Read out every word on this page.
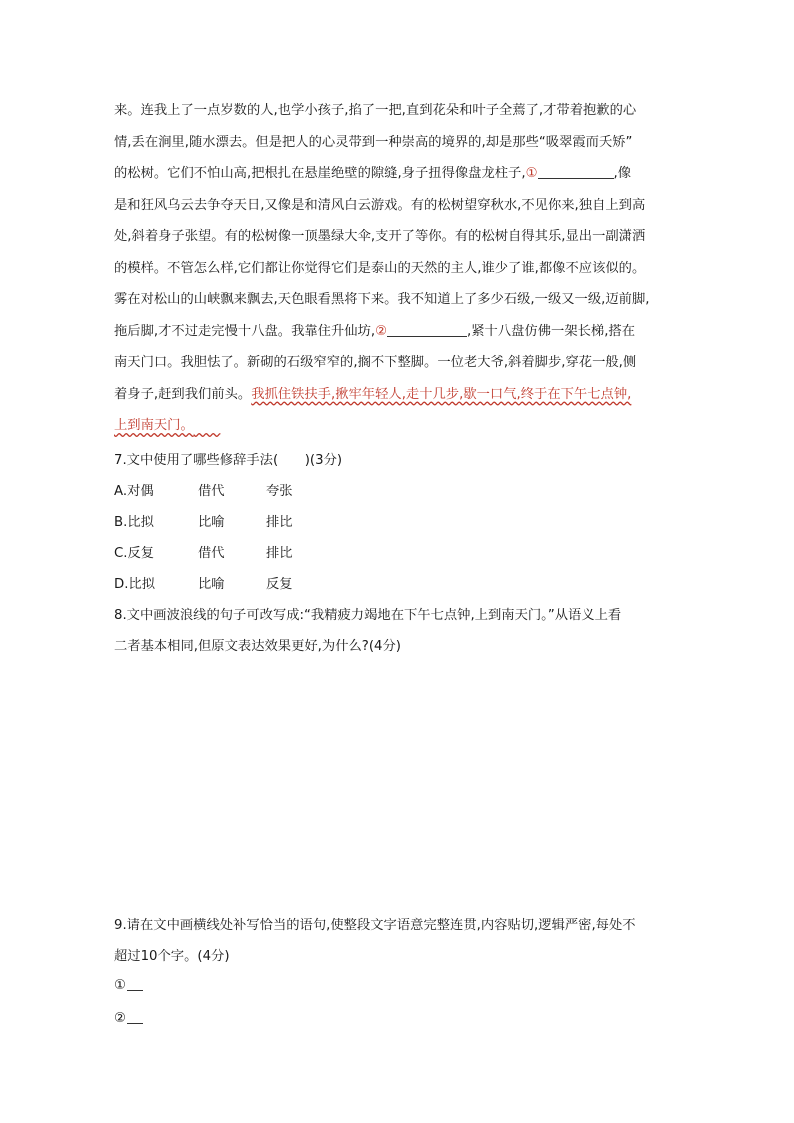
来。连我上了一点岁数的人,也学小孩子,掐了一把,直到花朵和叶子全蔫了,才带着抱歉的心

情,丢在涧里,随水漂去。但是把人的心灵带到一种崇高的境界的,却是那些“吸翠霞而夭矫”

的松树。它们不怕山高,把根扎在悬崖绝壁的隙缝,身子扭得像盘龙柱子,①	,像

是和狂风乌云去争夺天日,又像是和清风白云游戏。有的松树望穿秋水,不见你来,独自上到高

处,斜着身子张望。有的松树像一顶墨绿大伞,支开了等你。有的松树自得其乐,显出一副潇洒

的模样。不管怎么样,它们都让你觉得它们是泰山的天然的主人,谁少了谁,都像不应该似的。

雾在对松山的山峡飘来飘去,天色眼看黑将下来。我不知道上了多少石级,一级又一级,迈前脚,

拖后脚,才不过走完慢十八盘。我靠住升仙坊,②	,紧十八盘仿佛一架长梯,搭在

南天门口。我胆怯了。新砌的石级窄窄的,搁不下整脚。一位老大爷,斜着脚步,穿花一般,侧

着身子,赶到我们前头。我抓住铁扶手,揪牢年轻人,走十几步,歇一口气,终于在下午七点钟,

上到南天门。  

7.文中使用了哪些修辞手法(　　)(3分)
A.对偶	借代	夸张
B.比拟	比喻	排比
C.反复	借代	排比
D.比拟	比喻	反复
8.文中画波浪线的句子可改写成:“我精疲力竭地在下午七点钟,上到南天门。”从语义上看
二者基本相同,但原文表达效果更好,为什么?(4分)
9.请在文中画横线处补写恰当的语句,使整段文字语意完整连贯,内容贴切,逻辑严密,每处不
超过10个字。(4分)
①
②
